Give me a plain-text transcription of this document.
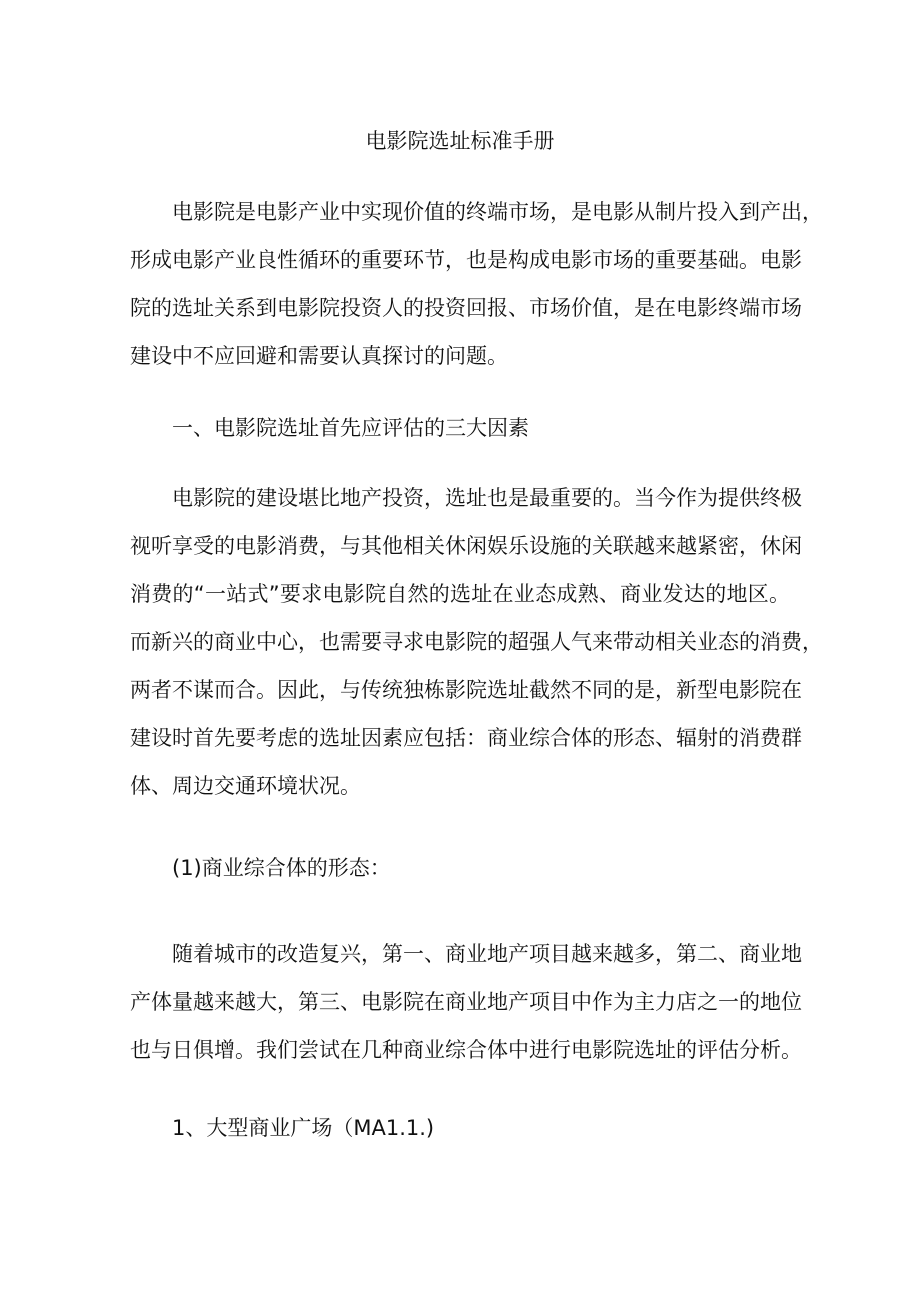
电影院选址标准手册
电影院是电影产业中实现价值的终端市场，是电影从制片投入到产出，
形成电影产业良性循环的重要环节，也是构成电影市场的重要基础。电影
院的选址关系到电影院投资人的投资回报、市场价值，是在电影终端市场
建设中不应回避和需要认真探讨的问题。
一、电影院选址首先应评估的三大因素
电影院的建设堪比地产投资，选址也是最重要的。当今作为提供终极
视听享受的电影消费，与其他相关休闲娱乐设施的关联越来越紧密，休闲
消费的“一站式”要求电影院自然的选址在业态成熟、商业发达的地区。
而新兴的商业中心，也需要寻求电影院的超强人气来带动相关业态的消费，
两者不谋而合。因此，与传统独栋影院选址截然不同的是，新型电影院在
建设时首先要考虑的选址因素应包括：商业综合体的形态、辐射的消费群
体、周边交通环境状况。
(1)商业综合体的形态：
随着城市的改造复兴，第一、商业地产项目越来越多，第二、商业地
产体量越来越大，第三、电影院在商业地产项目中作为主力店之一的地位
也与日俱增。我们尝试在几种商业综合体中进行电影院选址的评估分析。
1、大型商业广场（MA1.1.)
